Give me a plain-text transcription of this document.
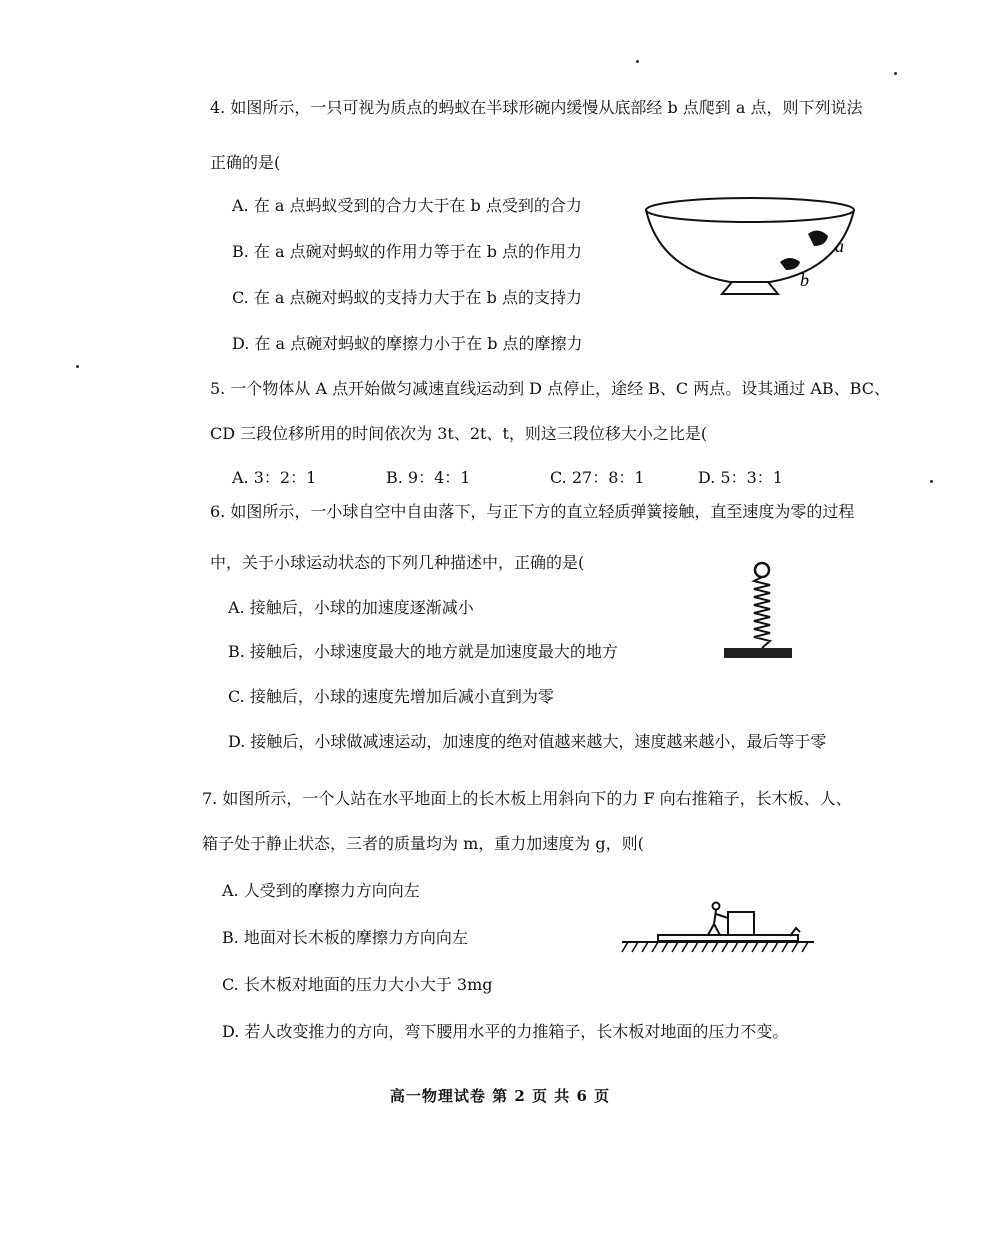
4. 如图所示，一只可视为质点的蚂蚁在半球形碗内缓慢从底部经 b 点爬到 a 点，则下列说法
正确的是(
A. 在 a 点蚂蚁受到的合力大于在 b 点受到的合力
B. 在 a 点碗对蚂蚁的作用力等于在 b 点的作用力
C. 在 a 点碗对蚂蚁的支持力大于在 b 点的支持力
D. 在 a 点碗对蚂蚁的摩擦力小于在 b 点的摩擦力
a
b
5. 一个物体从 A 点开始做匀减速直线运动到 D 点停止，途经 B、C 两点。设其通过 AB、BC、
CD 三段位移所用的时间依次为 3t、2t、t，则这三段位移大小之比是(
A. 3：2：1	B. 9：4：1	C. 27：8：1	D. 5：3：1
6. 如图所示，一小球自空中自由落下，与正下方的直立轻质弹簧接触，直至速度为零的过程
中，关于小球运动状态的下列几种描述中，正确的是(
A. 接触后，小球的加速度逐渐减小
B. 接触后，小球速度最大的地方就是加速度最大的地方
C. 接触后，小球的速度先增加后减小直到为零
D. 接触后，小球做减速运动，加速度的绝对值越来越大，速度越来越小，最后等于零
7. 如图所示，一个人站在水平地面上的长木板上用斜向下的力 F 向右推箱子，长木板、人、
箱子处于静止状态，三者的质量均为 m，重力加速度为 g，则(
A. 人受到的摩擦力方向向左
B. 地面对长木板的摩擦力方向向左
C. 长木板对地面的压力大小大于 3mg
D. 若人改变推力的方向，弯下腰用水平的力推箱子，长木板对地面的压力不变。
高一物理试卷 第 2 页 共 6 页
